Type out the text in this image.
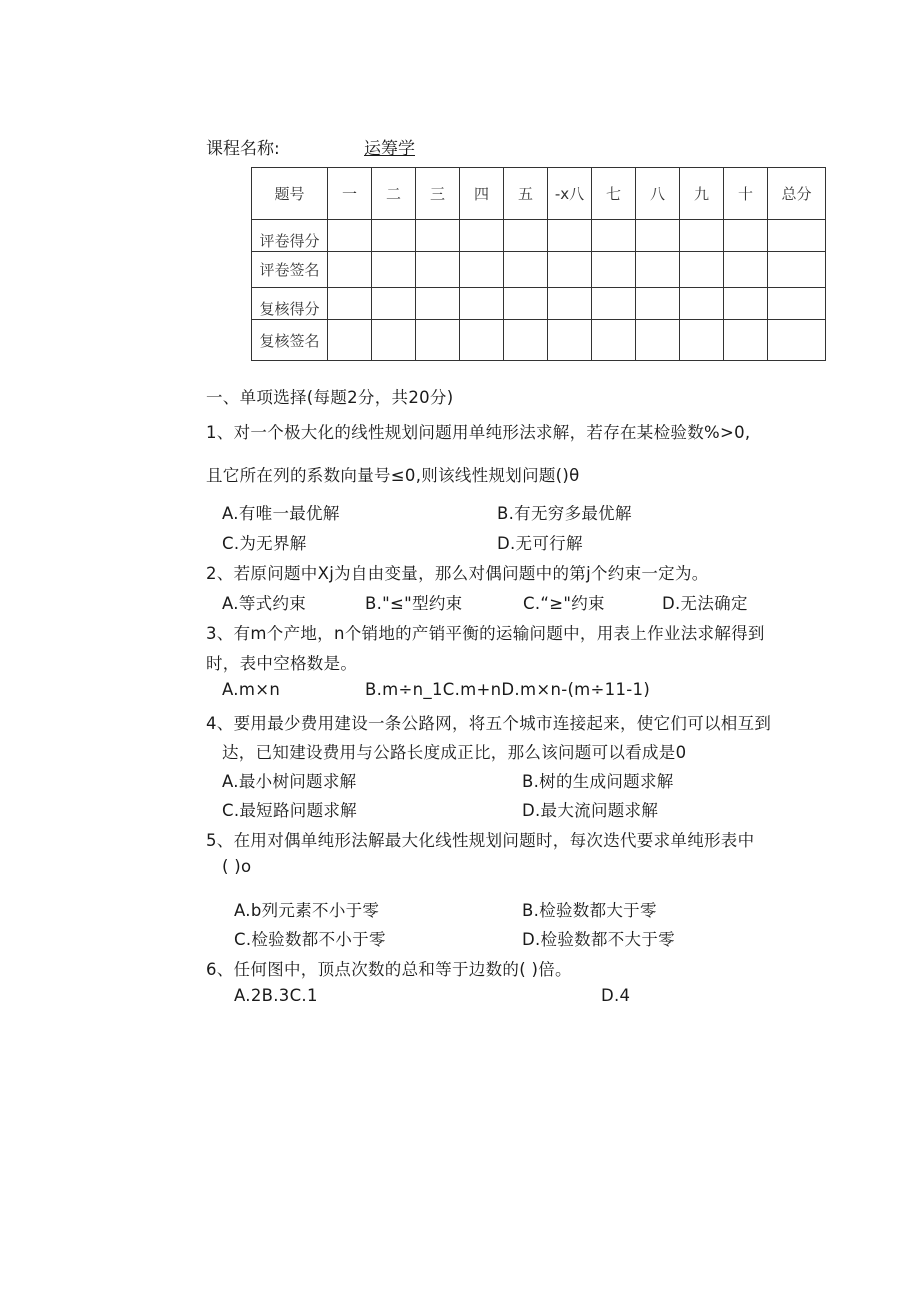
课程名称:	运筹学
题号	一	二	三	四	五	-x八	七	八	九	十	总分
评卷得分											
评卷签名											
复核得分											
复核签名											
一、单项选择(每题2分，共20分)
1、对一个极大化的线性规划问题用单纯形法求解，若存在某检验数%>0,
且它所在列的系数向量号≤0,则该线性规划问题()θ
A.有唯一最优解	B.有无穷多最优解
C.为无界解	D.无可行解
2、若原问题中Xj为自由变量，那么对偶问题中的第j个约束一定为。
A.等式约束	B."≤"型约束	C.“≥"约束	D.无法确定
3、有m个产地，n个销地的产销平衡的运输问题中，用表上作业法求解得到
时，表中空格数是。
A.m×n	B.m÷n_1C.m+nD.m×n-(m÷11-1)
4、要用最少费用建设一条公路网，将五个城市连接起来，使它们可以相互到
达，已知建设费用与公路长度成正比，那么该问题可以看成是0
A.最小树问题求解	B.树的生成问题求解
C.最短路问题求解	D.最大流问题求解
5、在用对偶单纯形法解最大化线性规划问题时，每次迭代要求单纯形表中
( )o
A.b列元素不小于零	B.检验数都大于零
C.检验数都不小于零	D.检验数都不大于零
6、任何图中，顶点次数的总和等于边数的( )倍。
A.2B.3C.1	D.4
